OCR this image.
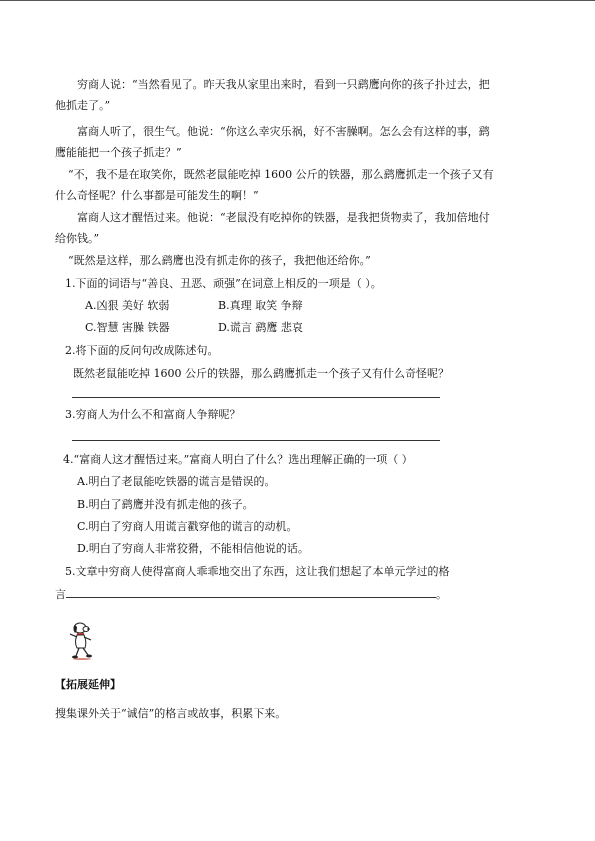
穷商人说：“当然看见了。昨天我从家里出来时，看到一只鹞鹰向你的孩子扑过去，把
他抓走了。”
富商人听了，很生气。他说：“你这么幸灾乐祸，好不害臊啊。怎么会有这样的事，鹞
鹰能能把一个孩子抓走？”
“不，我不是在取笑你，既然老鼠能吃掉 1600 公斤的铁器，那么鹞鹰抓走一个孩子又有
什么奇怪呢？什么事都是可能发生的啊！”
富商人这才醒悟过来。他说：“老鼠没有吃掉你的铁器，是我把货物卖了，我加倍地付
给你钱。”
“既然是这样，那么鹞鹰也没有抓走你的孩子，我把他还给你。”
1.下面的词语与“善良、丑恶、顽强”在词意上相反的一项是（ ）。
A.凶狠 美好 软弱	B.真理 取笑 争辩
C.智慧 害臊 铁器	D.谎言 鹞鹰 悲哀
2.将下面的反问句改成陈述句。
既然老鼠能吃掉 1600 公斤的铁器，那么鹞鹰抓走一个孩子又有什么奇怪呢？
3.穷商人为什么不和富商人争辩呢？
4.“富商人这才醒悟过来。”富商人明白了什么？选出理解正确的一项（ ）
A.明白了老鼠能吃铁器的谎言是错误的。
B.明白了鹞鹰并没有抓走他的孩子。
C.明白了穷商人用谎言戳穿他的谎言的动机。
D.明白了穷商人非常狡猾，不能相信他说的话。
5.文章中穷商人使得富商人乖乖地交出了东西，这让我们想起了本单元学过的格
言	。
【拓展延伸】
搜集课外关于“诚信”的格言或故事，积累下来。
